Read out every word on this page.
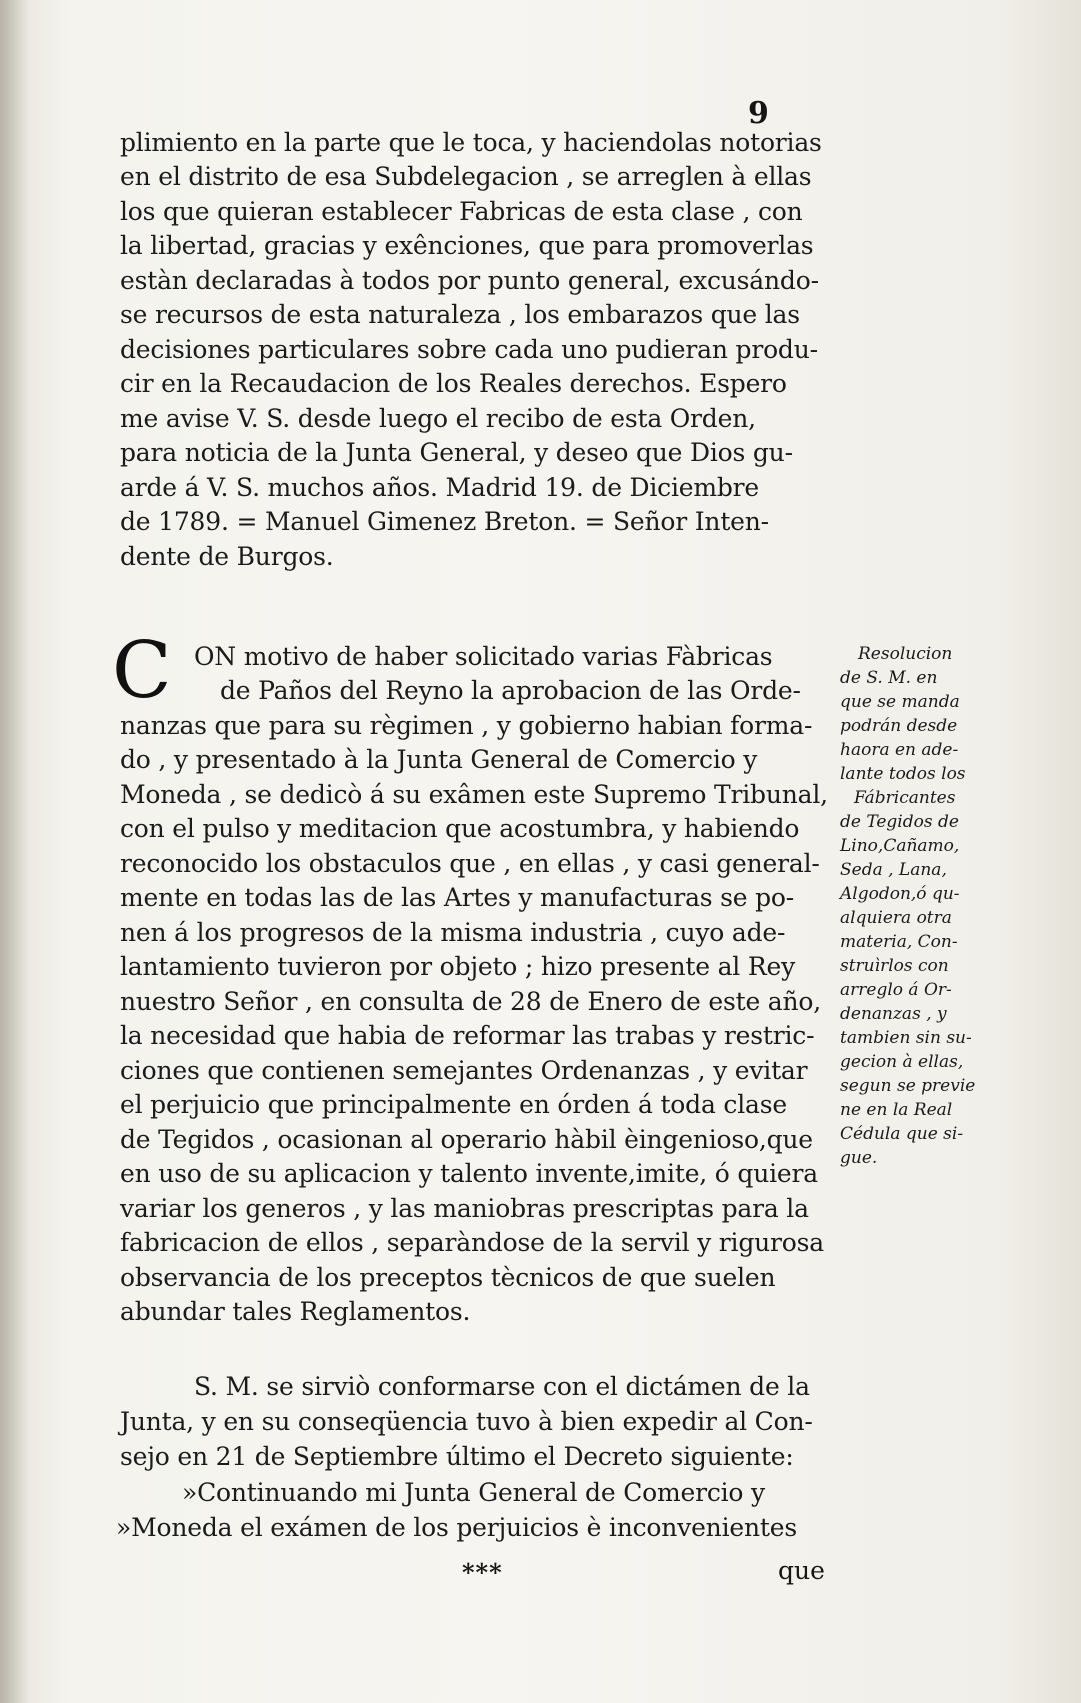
9
plimiento en la parte que le toca, y haciendolas notorias
en el distrito de esa Subdelegacion , se arreglen à ellas
los que quieran establecer Fabricas de esta clase , con
la libertad, gracias y exênciones, que para promoverlas
estàn declaradas à todos por punto general, excusándo-
se recursos de esta naturaleza , los embarazos que las
decisiones particulares sobre cada uno pudieran produ-
cir en la Recaudacion de los Reales derechos. Espero
me avise V. S. desde luego el recibo de esta Orden,
para noticia de la Junta General, y deseo que Dios gu-
arde á V. S. muchos años. Madrid 19. de Diciembre
de 1789. = Manuel Gimenez Breton. = Señor Inten-
dente de Burgos.
C ON motivo de haber solicitado varias Fàbricas
de Paños del Reyno la aprobacion de las Orde-
nanzas que para su règimen , y gobierno habian forma-
do , y presentado à la Junta General de Comercio y
Moneda , se dedicò á su exâmen este Supremo Tribunal,
con el pulso y meditacion que acostumbra, y habiendo
reconocido los obstaculos que , en ellas , y casi general-
mente en todas las de las Artes y manufacturas se po-
nen á los progresos de la misma industria , cuyo ade-
lantamiento tuvieron por objeto ; hizo presente al Rey
nuestro Señor , en consulta de 28 de Enero de este año,
la necesidad que habia de reformar las trabas y restric-
ciones que contienen semejantes Ordenanzas , y evitar
el perjuicio que principalmente en órden á toda clase
de Tegidos , ocasionan al operario hàbil èingenioso,que
en uso de su aplicacion y talento invente,imite, ó quiera
variar los generos , y las maniobras prescriptas para la
fabricacion de ellos , separàndose de la servil y rigurosa
observancia de los preceptos tècnicos de que suelen
abundar tales Reglamentos.
S. M. se sirviò conformarse con el dictámen de la
Junta, y en su conseqüencia tuvo à bien expedir al Con-
sejo en 21 de Septiembre último el Decreto siguiente:
»Continuando mi Junta General de Comercio y
»Moneda el exámen de los perjuicios è inconvenientes
Resolucion
de S. M. en
que se manda
podrán desde
haora en ade-
lante todos los
Fábricantes
de Tegidos de
Lino,Cañamo,
Seda , Lana,
Algodon,ó qu-
alquiera otra
materia, Con-
struìrlos con
arreglo á Or-
denanzas , y
tambien sin su-
gecion à ellas,
segun se previe
ne en la Real
Cédula que si-
gue.
***	que
